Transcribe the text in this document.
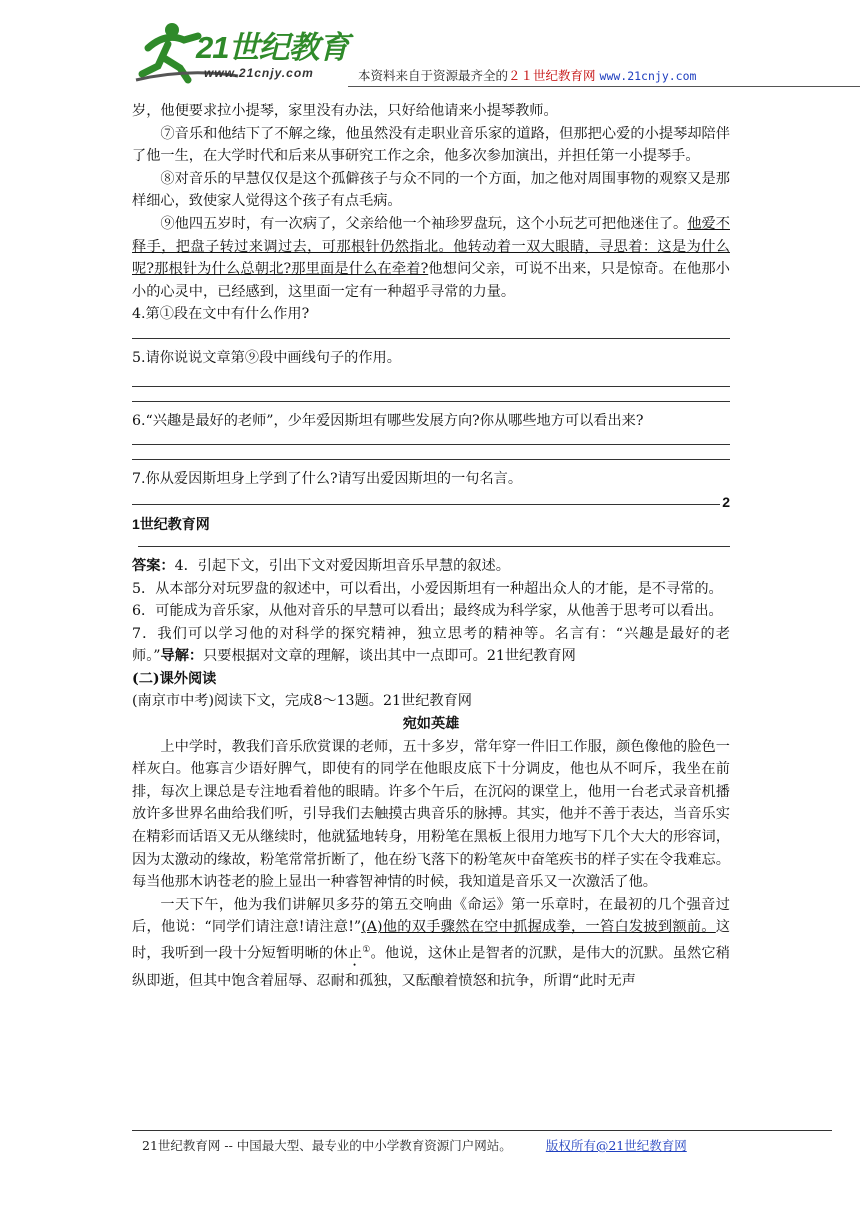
21世纪教育
www.21cnjy.com	本资料来自于资源最齐全的２１世纪教育网 www.21cnjy.com

岁，他便要求拉小提琴，家里没有办法，只好给他请来小提琴教师。

⑦音乐和他结下了不解之缘，他虽然没有走职业音乐家的道路，但那把心爱的小提琴却陪伴了他一生，在大学时代和后来从事研究工作之余，他多次参加演出，并担任第一小提琴手。

⑧对音乐的早慧仅仅是这个孤僻孩子与众不同的一个方面，加之他对周围事物的观察又是那样细心，致使家人觉得这个孩子有点毛病。

⑨他四五岁时，有一次病了，父亲给他一个袖珍罗盘玩，这个小玩艺可把他迷住了。他爱不释手，把盘子转过来调过去，可那根针仍然指北。他转动着一双大眼睛，寻思着：这是为什么呢?那根针为什么总朝北?那里面是什么在牵着?他想问父亲，可说不出来，只是惊奇。在他那小小的心灵中，已经感到，这里面一定有一种超乎寻常的力量。

4.第①段在文中有什么作用?

5.请你说说文章第⑨段中画线句子的作用。

6.“兴趣是最好的老师”，少年爱因斯坦有哪些发展方向?你从哪些地方可以看出来?

7.你从爱因斯坦身上学到了什么?请写出爱因斯坦的一句名言。

2

1世纪教育网

答案：4．引起下文，引出下文对爱因斯坦音乐早慧的叙述。

5．从本部分对玩罗盘的叙述中，可以看出，小爱因斯坦有一种超出众人的才能，是不寻常的。

6．可能成为音乐家，从他对音乐的早慧可以看出；最终成为科学家，从他善于思考可以看出。

7．我们可以学习他的对科学的探究精神，独立思考的精神等。名言有：“兴趣是最好的老师。”导解：只要根据对文章的理解，谈出其中一点即可。21世纪教育网

(二)课外阅读

(南京市中考)阅读下文，完成8～13题。21世纪教育网

宛如英雄

上中学时，教我们音乐欣赏课的老师，五十多岁，常年穿一件旧工作服，颜色像他的脸色一样灰白。他寡言少语好脾气，即使有的同学在他眼皮底下十分调皮，他也从不呵斥，我坐在前排，每次上课总是专注地看着他的眼睛。许多个午后，在沉闷的课堂上，他用一台老式录音机播放许多世界名曲给我们听，引导我们去触摸古典音乐的脉搏。其实，他并不善于表达，当音乐实在精彩而话语又无从继续时，他就猛地转身，用粉笔在黑板上很用力地写下几个大大的形容词，因为太激动的缘故，粉笔常常折断了，他在纷飞落下的粉笔灰中奋笔疾书的样子实在令我难忘。每当他那木讷苍老的脸上显出一种睿智神情的时候，我知道是音乐又一次激活了他。

一天下午，他为我们讲解贝多芬的第五交响曲《命运》第一乐章时，在最初的几个强音过后，他说：“同学们请注意!请注意!”(A)他的双手骤然在空中抓握成拳，一笞白发披到额前。这时，我听到一段十分短暂明晰的休止①。他说，这休止是智者的沉默，是伟大的沉默。虽然它稍纵即逝，但其中饱含着屈辱、忍耐和孤独，又酝酿着愤怒和抗争，所谓“此时无声

21世纪教育网 -- 中国最大型、最专业的中小学教育资源门户网站。	版权所有@21世纪教育网
